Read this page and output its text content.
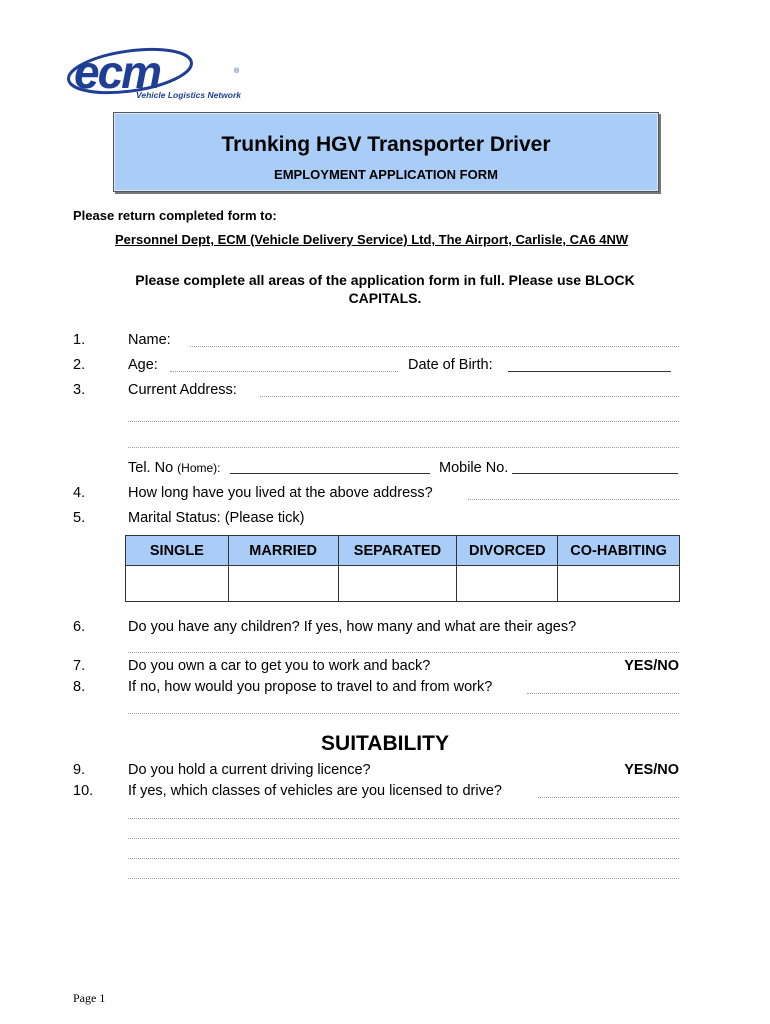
ecm	®
Vehicle Logistics Network
Trunking HGV Transporter Driver
EMPLOYMENT APPLICATION FORM
Please return completed form to:
Personnel Dept, ECM (Vehicle Delivery Service) Ltd, The Airport, Carlisle, CA6 4NW
Please complete all areas of the application form in full. Please use BLOCK
CAPITALS.
1.	Name:
2.	Age:	Date of Birth:
3.	Current Address:
Tel. No (Home):	Mobile No.
4.	How long have you lived at the above address?
5.	Marital Status: (Please tick)
SINGLE	MARRIED	SEPARATED	DIVORCED	CO-HABITING

6.	Do you have any children? If yes, how many and what are their ages?
7.	Do you own a car to get you to work and back?	YES/NO
8.	If no, how would you propose to travel to and from work?
SUITABILITY
9.	Do you hold a current driving licence?	YES/NO
10. If yes, which classes of vehicles are you licensed to drive?
Page 1
